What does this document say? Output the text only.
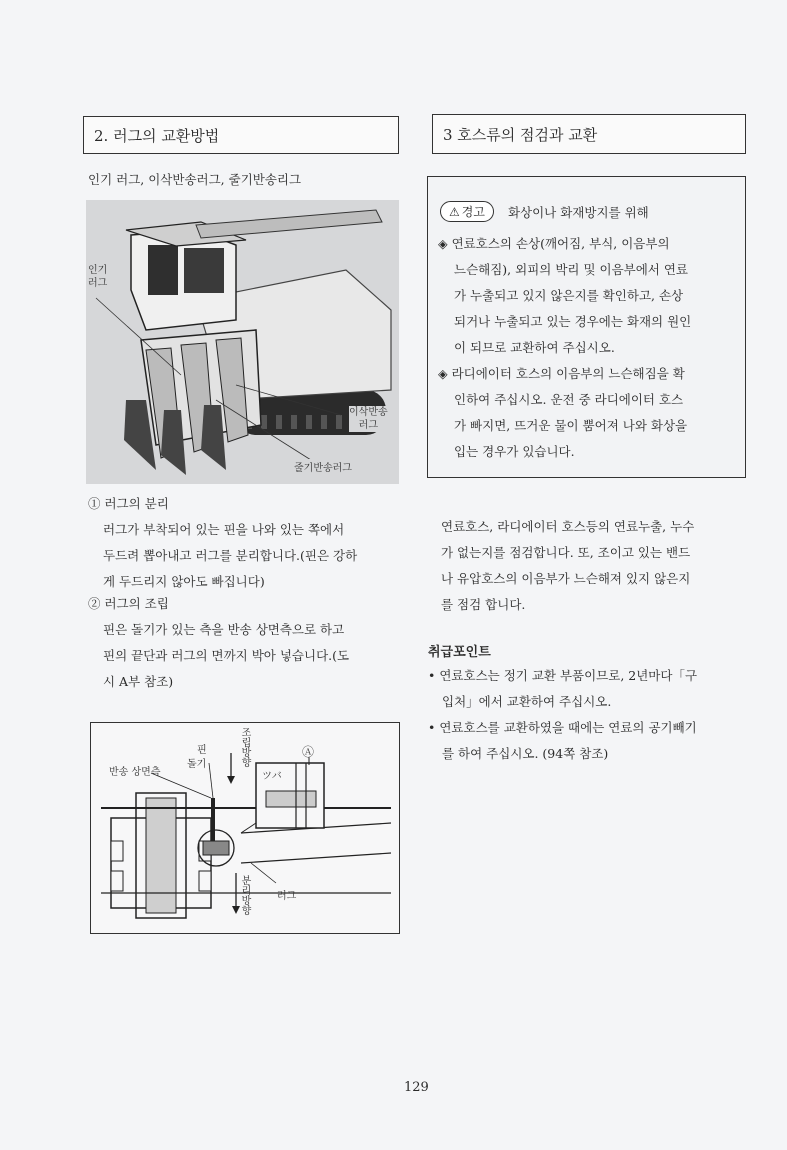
2. 러그의 교환방법
인기 러그, 이삭반송러그, 줄기반송리그
인기
러그
이삭반송
러그
줄기반송러그
① 러그의 분리

러그가 부착되어 있는 핀을 나와 있는 쪽에서

두드려 뽑아내고 러그를 분리합니다.(핀은 강하

게 두드리지 않아도 빠집니다)

② 러그의 조립

핀은 돌기가 있는 측을 반송 상면측으로 하고

핀의 끝단과 러그의 면까지 박아 넣습니다.(도

시 A부 참조)

핀
돌기
반송 상면측
조립방향
분리방향	러그
ツバ
Ⓐ
3 호스류의 점검과 교환
⚠ 경고 화상이나 화재방지를 위해
◈ 연료호스의 손상(깨어짐, 부식, 이음부의
느슨해짐), 외피의 박리 및 이음부에서 연료
가 누출되고 있지 않은지를 확인하고, 손상
되거나 누출되고 있는 경우에는 화재의 원인
이 되므로 교환하여 주십시오.
◈ 라디에이터 호스의 이음부의 느슨해짐을 확
인하여 주십시오. 운전 중 라디에이터 호스
가 빠지면, 뜨거운 물이 뿜어져 나와 화상을
입는 경우가 있습니다.

연료호스, 라디에이터 호스등의 연료누출, 누수

가 없는지를 점검합니다. 또, 조이고 있는 밴드

나 유압호스의 이음부가 느슨해져 있지 않은지

를 점검 합니다.

취급포인트
• 연료호스는 정기 교환 부품이므로, 2년마다「구
입처」에서 교환하여 주십시오.
• 연료호스를 교환하였을 때에는 연료의 공기빼기
를 하여 주십시오. (94쪽 참조)
129
